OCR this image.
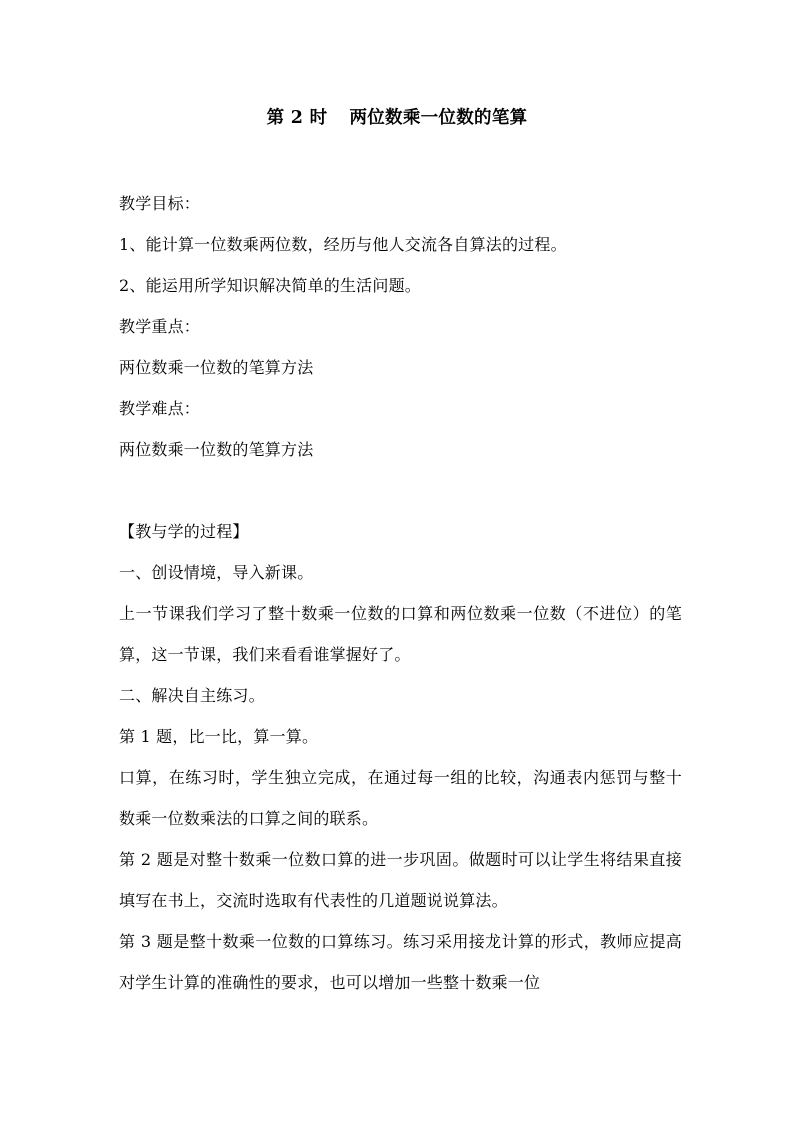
第 2 时 两位数乘一位数的笔算
教学目标：
1、能计算一位数乘两位数，经历与他人交流各自算法的过程。
2、能运用所学知识解决简单的生活问题。
教学重点：
两位数乘一位数的笔算方法
教学难点：
两位数乘一位数的笔算方法
【教与学的过程】
一、创设情境，导入新课。
上一节课我们学习了整十数乘一位数的口算和两位数乘一位数（不进位）的笔算，这一节课，我们来看看谁掌握好了。
二、解决自主练习。
第 1 题，比一比，算一算。
口算，在练习时，学生独立完成，在通过每一组的比较，沟通表内惩罚与整十数乘一位数乘法的口算之间的联系。
第 2 题是对整十数乘一位数口算的进一步巩固。做题时可以让学生将结果直接填写在书上，交流时选取有代表性的几道题说说算法。
第 3 题是整十数乘一位数的口算练习。练习采用接龙计算的形式，教师应提高对学生计算的准确性的要求，也可以增加一些整十数乘一位
